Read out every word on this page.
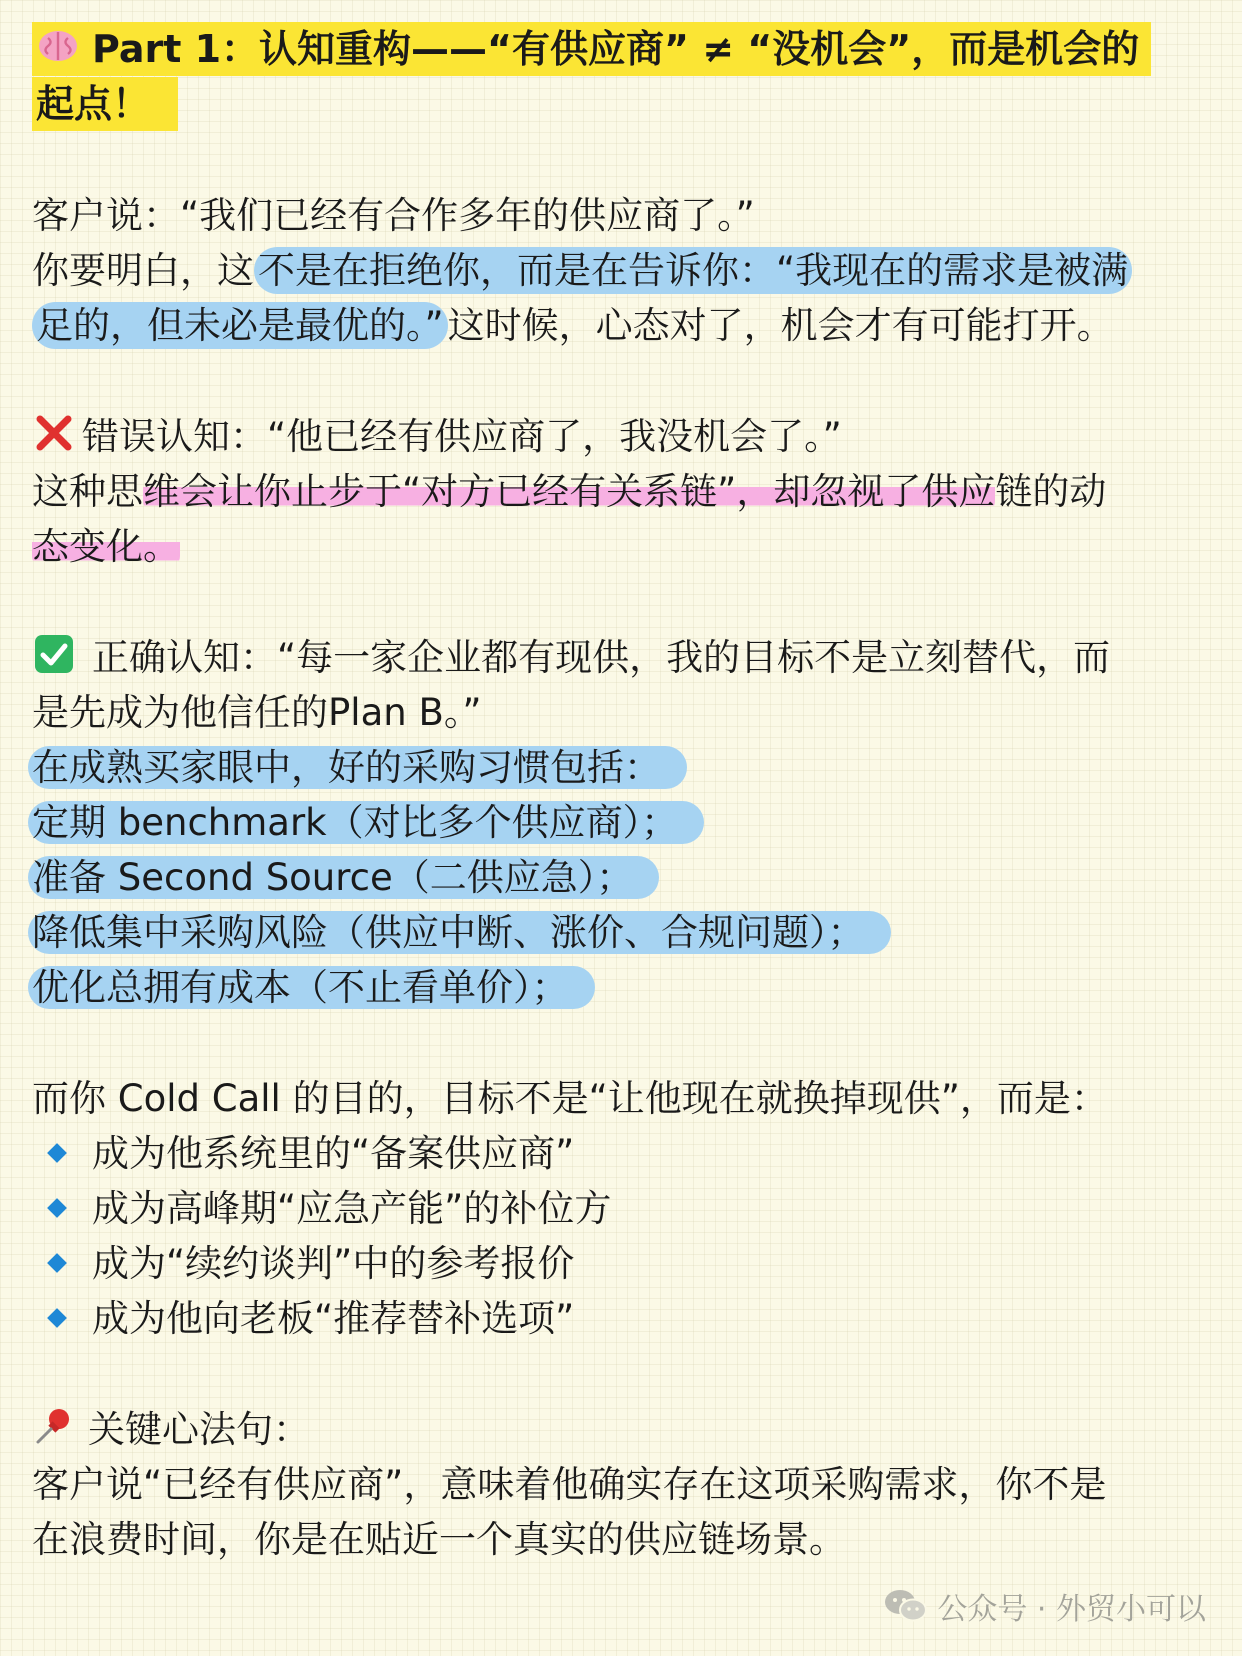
Part 1：认知重构——“有供应商” ≠ “没机会”，而是机会的
起点！
客户说：“我们已经有合作多年的供应商了。”
你要明白，这 不是在拒绝你，而是在告诉你：“我现在的需求是被满
足的，但未必是最优的。” 这时候，心态对了，机会才有可能打开。
错误认知：“他已经有供应商了，我没机会了。”
这种思维会让你止步于“对方已经有关系链”，却忽视了供应链的动
态变化。
正确认知：“每一家企业都有现供，我的目标不是立刻替代，而
是先成为他信任的Plan B。”
在成熟买家眼中，好的采购习惯包括：
定期 benchmark（对比多个供应商）；
准备 Second Source（二供应急）；
降低集中采购风险（供应中断、涨价、合规问题）；
优化总拥有成本（不止看单价）；
而你 Cold Call 的目的，目标不是“让他现在就换掉现供”，而是：
成为他系统里的“备案供应商”
成为高峰期“应急产能”的补位方
成为“续约谈判”中的参考报价
成为他向老板“推荐替补选项”
关键心法句：
客户说“已经有供应商”，意味着他确实存在这项采购需求，你不是
在浪费时间，你是在贴近一个真实的供应链场景。
公众号 · 外贸小可以
